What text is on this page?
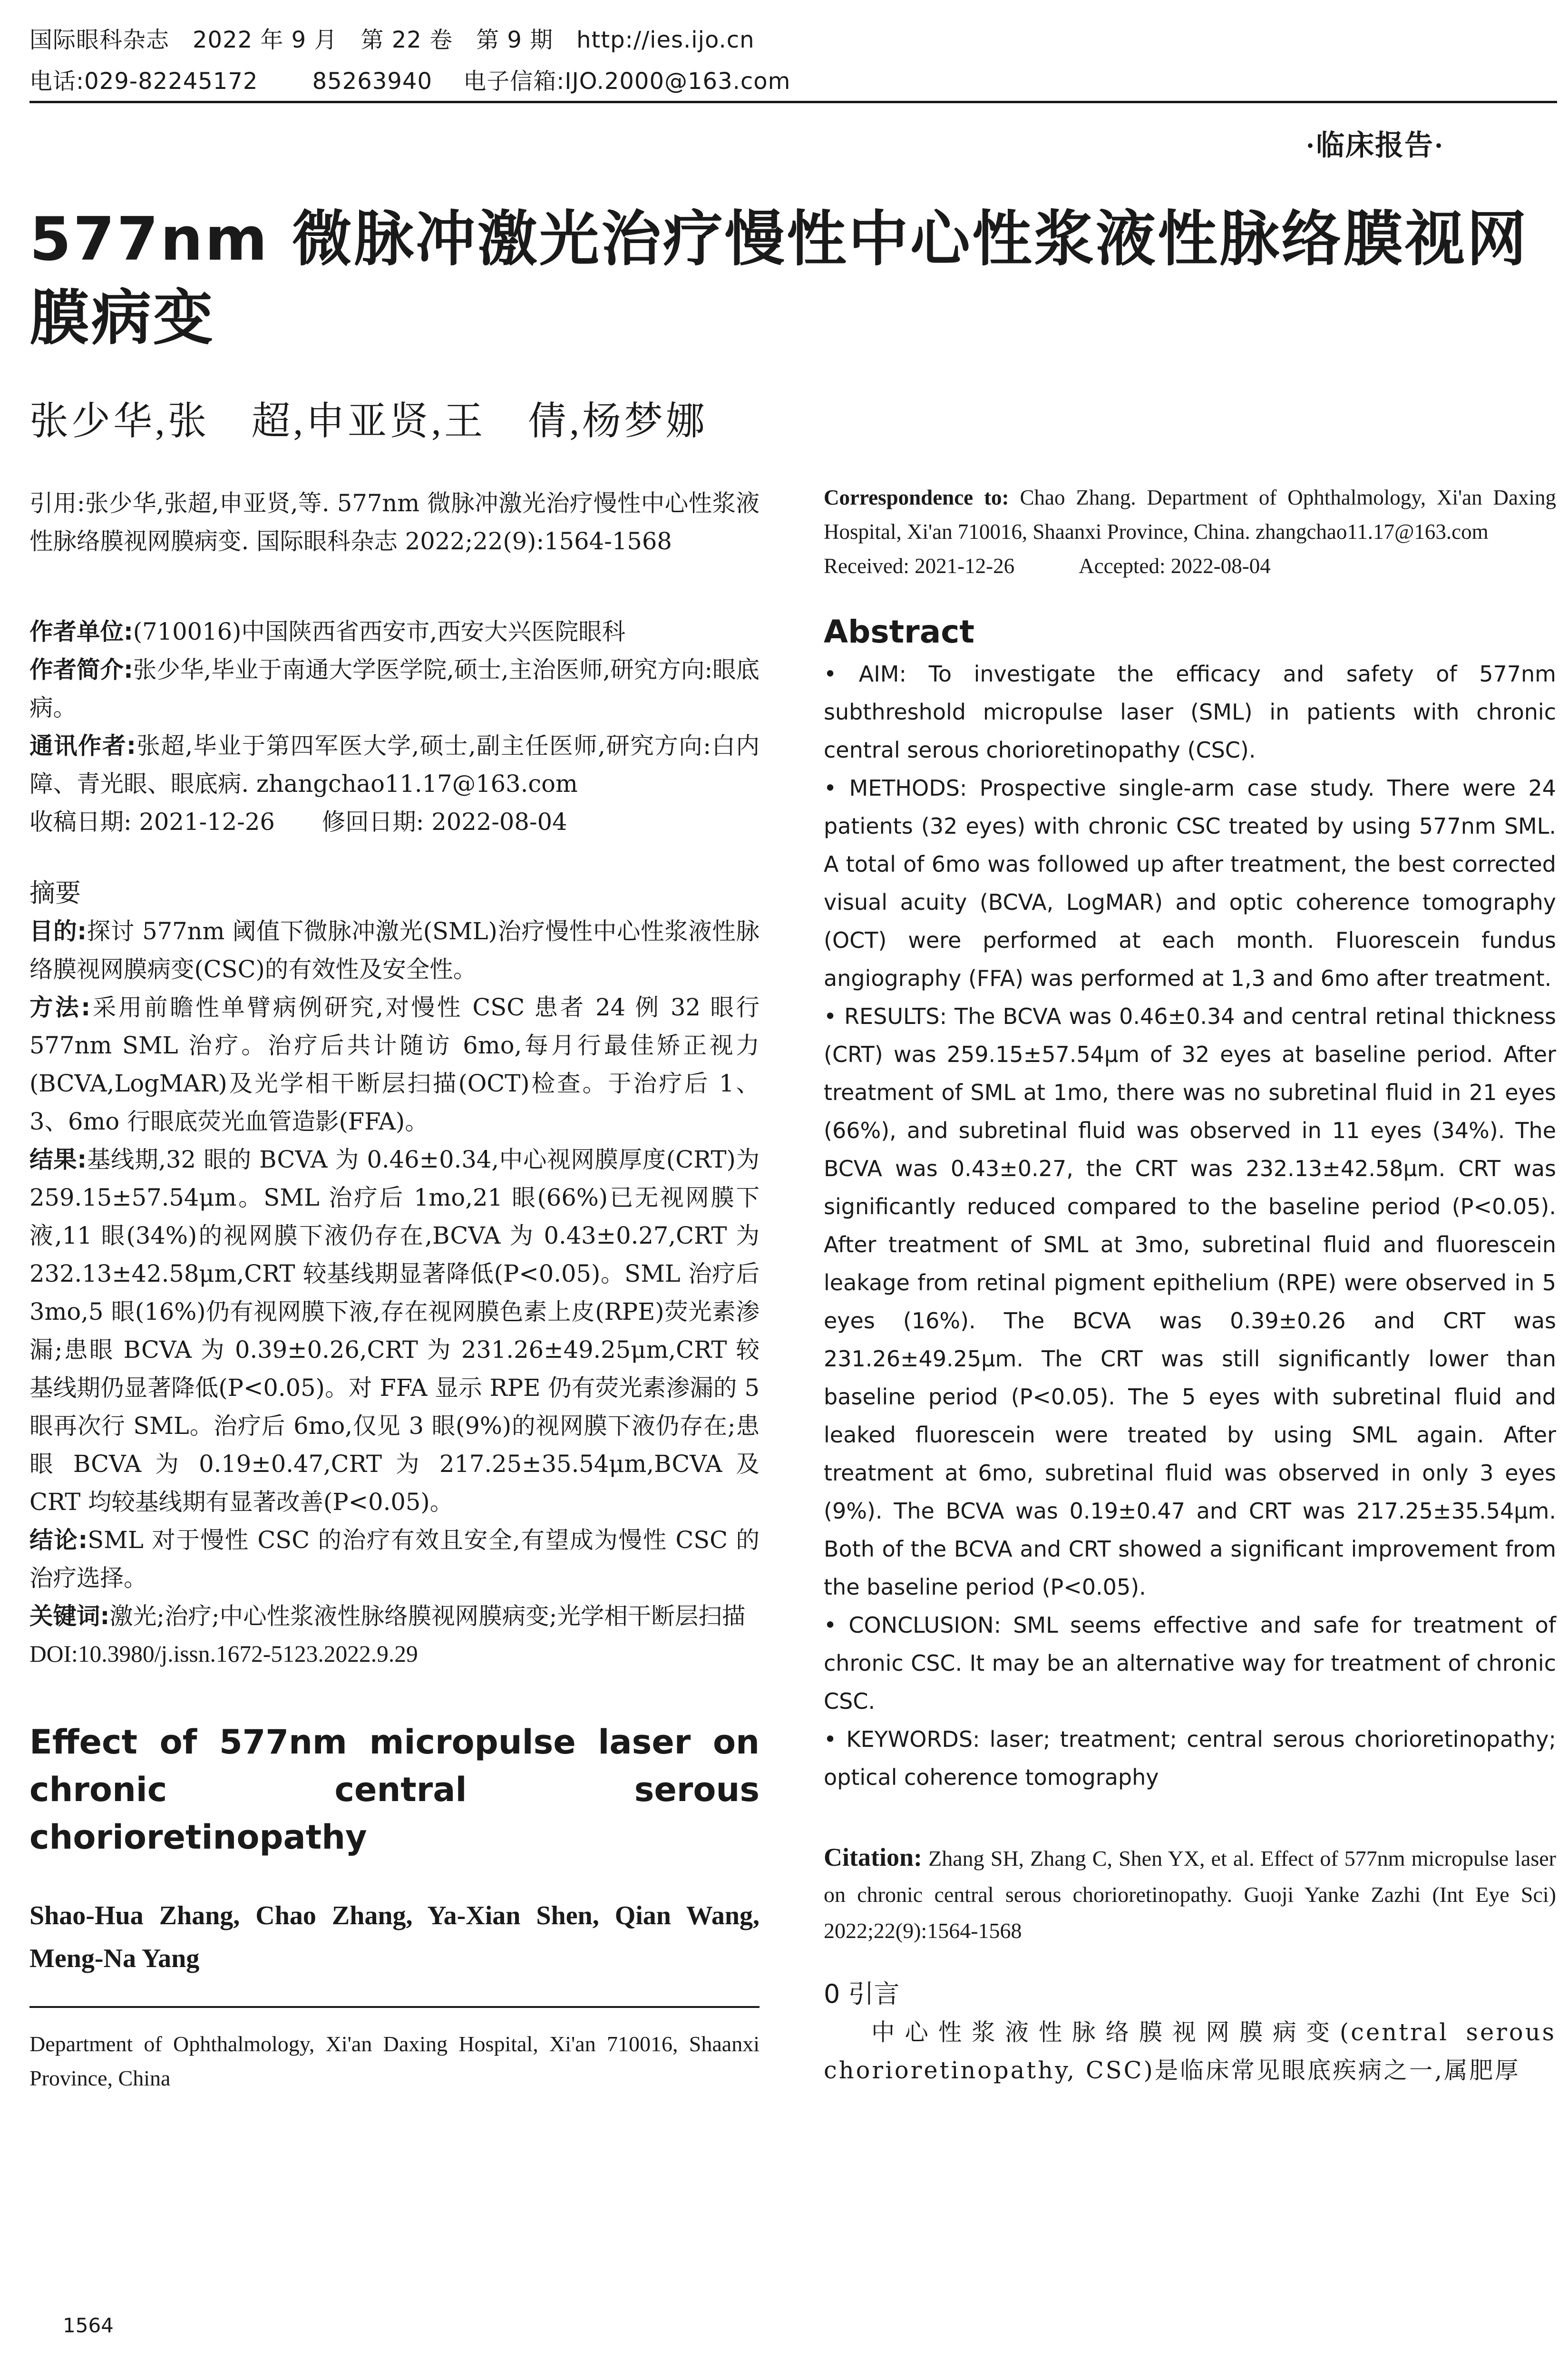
国际眼科杂志　2022 年 9 月　第 22 卷　第 9 期　http://ies.ijo.cn
电话:029-82245172　　 85263940　 电子信箱:IJO.2000@163.com
·临床报告·
577nm 微脉冲激光治疗慢性中心性浆液性脉络膜视网膜病变
张少华,张　超,申亚贤,王　倩,杨梦娜

引用:张少华,张超,申亚贤,等. 577nm 微脉冲激光治疗慢性中心性浆液性脉络膜视网膜病变. 国际眼科杂志 2022;22(9):1564-1568

作者单位:(710016)中国陕西省西安市,西安大兴医院眼科

作者简介:张少华,毕业于南通大学医学院,硕士,主治医师,研究方向:眼底病。

通讯作者:张超,毕业于第四军医大学,硕士,副主任医师,研究方向:白内障、青光眼、眼底病. zhangchao11.17@163.com

收稿日期: 2021-12-26　　修回日期: 2022-08-04

摘要

目的:探讨 577nm 阈值下微脉冲激光(SML)治疗慢性中心性浆液性脉络膜视网膜病变(CSC)的有效性及安全性。

方法:采用前瞻性单臂病例研究,对慢性 CSC 患者 24 例 32 眼行 577nm SML 治疗。治疗后共计随访 6mo,每月行最佳矫正视力(BCVA,LogMAR)及光学相干断层扫描(OCT)检查。于治疗后 1、3、6mo 行眼底荧光血管造影(FFA)。

结果:基线期,32 眼的 BCVA 为 0.46±0.34,中心视网膜厚度(CRT)为 259.15±57.54μm。SML 治疗后 1mo,21 眼(66%)已无视网膜下液,11 眼(34%)的视网膜下液仍存在,BCVA 为 0.43±0.27,CRT 为 232.13±42.58μm,CRT 较基线期显著降低(P<0.05)。SML 治疗后 3mo,5 眼(16%)仍有视网膜下液,存在视网膜色素上皮(RPE)荧光素渗漏;患眼 BCVA 为 0.39±0.26,CRT 为 231.26±49.25μm,CRT 较基线期仍显著降低(P<0.05)。对 FFA 显示 RPE 仍有荧光素渗漏的 5 眼再次行 SML。治疗后 6mo,仅见 3 眼(9%)的视网膜下液仍存在;患眼 BCVA 为 0.19±0.47,CRT 为 217.25±35.54μm,BCVA 及 CRT 均较基线期有显著改善(P<0.05)。

结论:SML 对于慢性 CSC 的治疗有效且安全,有望成为慢性 CSC 的治疗选择。

关键词:激光;治疗;中心性浆液性脉络膜视网膜病变;光学相干断层扫描

DOI:10.3980/j.issn.1672-5123.2022.9.29

Effect of 577nm micropulse laser on chronic central serous chorioretinopathy

Shao-Hua Zhang, Chao Zhang, Ya-Xian Shen, Qian Wang, Meng-Na Yang

Department of Ophthalmology, Xi'an Daxing Hospital, Xi'an 710016, Shaanxi Province, China

1564

Correspondence to: Chao Zhang. Department of Ophthalmology, Xi'an Daxing Hospital, Xi'an 710016, Shaanxi Province, China. zhangchao11.17@163.com

Received: 2021-12-26　　　Accepted: 2022-08-04

Abstract

• AIM: To investigate the efficacy and safety of 577nm subthreshold micropulse laser (SML) in patients with chronic central serous chorioretinopathy (CSC).

• METHODS: Prospective single-arm case study. There were 24 patients (32 eyes) with chronic CSC treated by using 577nm SML. A total of 6mo was followed up after treatment, the best corrected visual acuity (BCVA, LogMAR) and optic coherence tomography (OCT) were performed at each month. Fluorescein fundus angiography (FFA) was performed at 1,3 and 6mo after treatment.

• RESULTS: The BCVA was 0.46±0.34 and central retinal thickness (CRT) was 259.15±57.54μm of 32 eyes at baseline period. After treatment of SML at 1mo, there was no subretinal fluid in 21 eyes (66%), and subretinal fluid was observed in 11 eyes (34%). The BCVA was 0.43±0.27, the CRT was 232.13±42.58μm. CRT was significantly reduced compared to the baseline period (P<0.05). After treatment of SML at 3mo, subretinal fluid and fluorescein leakage from retinal pigment epithelium (RPE) were observed in 5 eyes (16%). The BCVA was 0.39±0.26 and CRT was 231.26±49.25μm. The CRT was still significantly lower than baseline period (P<0.05). The 5 eyes with subretinal fluid and leaked fluorescein were treated by using SML again. After treatment at 6mo, subretinal fluid was observed in only 3 eyes (9%). The BCVA was 0.19±0.47 and CRT was 217.25±35.54μm. Both of the BCVA and CRT showed a significant improvement from the baseline period (P<0.05).

• CONCLUSION: SML seems effective and safe for treatment of chronic CSC. It may be an alternative way for treatment of chronic CSC.

• KEYWORDS: laser; treatment; central serous chorioretinopathy; optical coherence tomography

Citation: Zhang SH, Zhang C, Shen YX, et al. Effect of 577nm micropulse laser on chronic central serous chorioretinopathy. Guoji Yanke Zazhi (Int Eye Sci) 2022;22(9):1564-1568

0 引言

中心性浆液性脉络膜视网膜病变(central serous chorioretinopathy, CSC)是临床常见眼底疾病之一,属肥厚
